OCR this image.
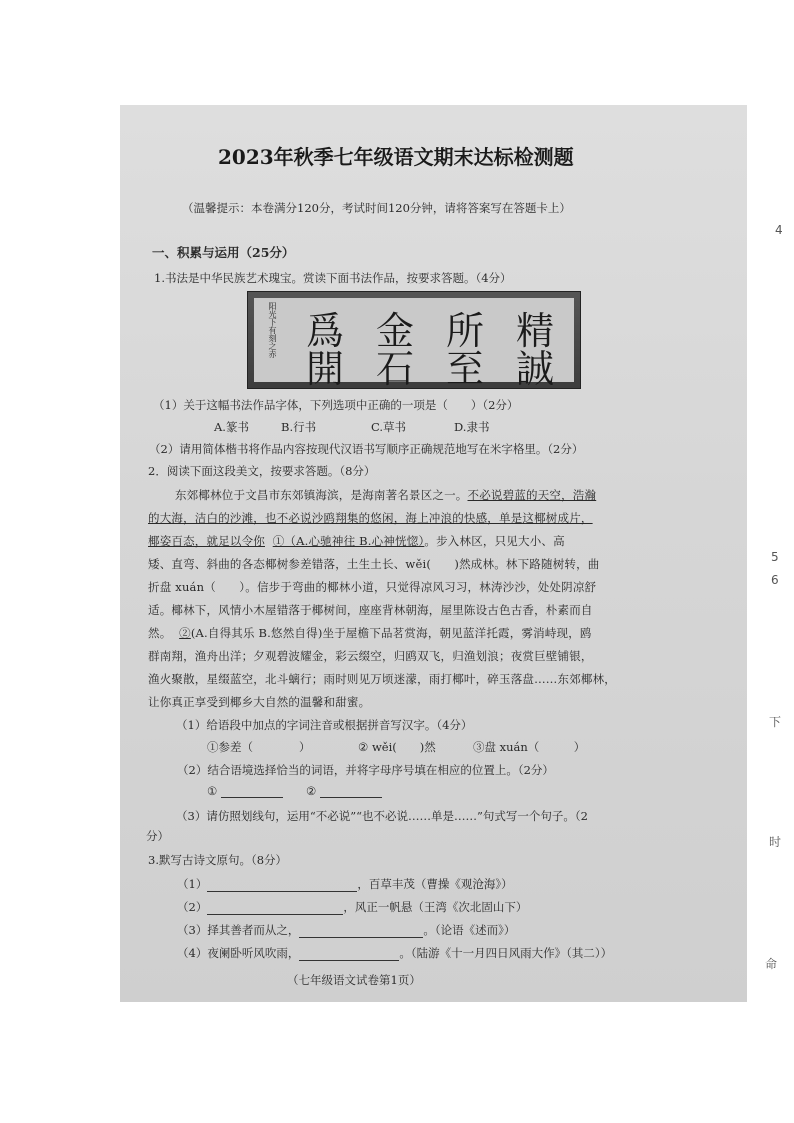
4
5
6
下
时
命
2023年秋季七年级语文期末达标检测题
（温馨提示：本卷满分120分，考试时间120分钟，请将答案写在答题卡上）
一、积累与运用（25分）
1.书法是中华民族艺术瑰宝。赏读下面书法作品，按要求答题。（4分）
精
所
金
爲
誠
至
石
開
阳光下有刻之赤
（1）关于这幅书法作品字体，下列选项中正确的一项是（　　）（2分）
A.篆书	B.行书	C.草书	D.隶书
（2）请用简体楷书将作品内容按现代汉语书写顺序正确规范地写在米字格里。（2分）
2．阅读下面这段美文，按要求答题。（8分）
东郊椰林位于文昌市东郊镇海滨，是海南著名景区之一。不必说碧蓝的天空，浩瀚
的大海，洁白的沙滩，也不必说沙鸥翔集的悠闲，海上冲浪的快感，单是这椰树成片，
椰姿百态，就足以令你 ①（A.心驰神往 B.心神恍惚）。步入林区，只见大小、高
矮、直弯、斜曲的各态椰树参差错落，土生土长、wěi(　　)然成林。林下路随树转，曲
折盘 xuán（　　）。信步于弯曲的椰林小道，只觉得凉风习习，林涛沙沙，处处阴凉舒
适。椰林下，风情小木屋错落于椰树间，座座背林朝海，屋里陈设古色古香，朴素而自
然。 ②(A.自得其乐 B.悠然自得)坐于屋檐下品茗赏海，朝见蓝洋托霞，雾消峙现，鸥
群南翔，渔舟出洋；夕观碧波耀金，彩云缀空，归鸥双飞，归渔划浪；夜赏巨壁铺银，
渔火聚散，星缀蓝空，北斗螭行；雨时则见万顷迷濛，雨打椰叶，碎玉落盘……东郊椰林，
让你真正享受到椰乡大自然的温馨和甜蜜。
（1）给语段中加点的字词注音或根据拼音写汉字。（4分）
①参差（　　　　）	② wěi(　　)然	③盘 xuán（　　　）
（2）结合语境选择恰当的词语，并将字母序号填在相应的位置上。（2分）
①	②
（3）请仿照划线句，运用“不必说”“也不必说……单是……”句式写一个句子。（2
分）
3.默写古诗文原句。（8分）
（1）	，百草丰茂（曹操《观沧海》）
（2）	，风正一帆悬（王湾《次北固山下）
（3）择其善者而从之，	。（论语《述而》）
（4）夜阑卧听风吹雨，	。（陆游《十一月四日风雨大作》（其二））
（七年级语文试卷第1页）
